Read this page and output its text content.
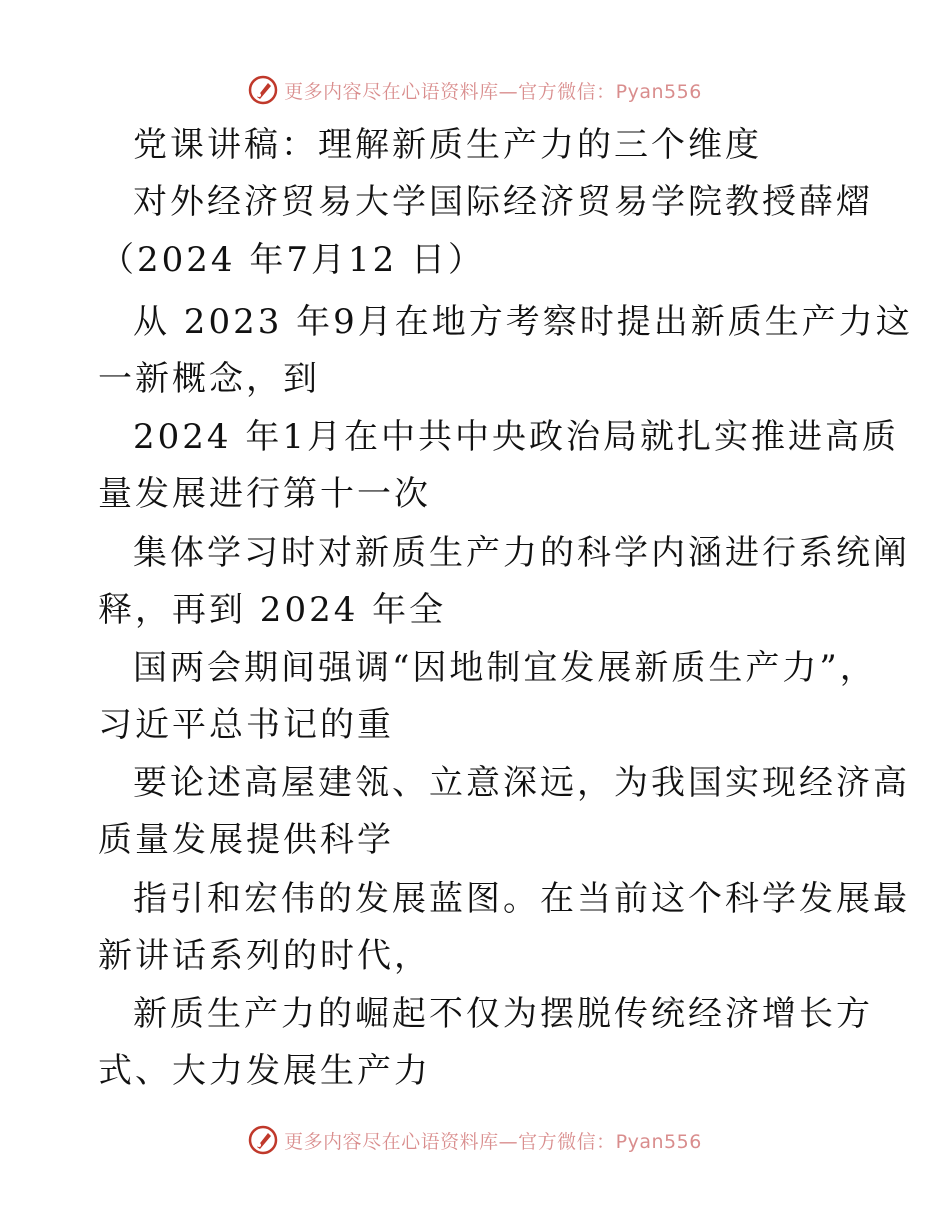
更多内容尽在心语资料库—官方微信：Pyan556
党课讲稿：理解新质生产力的三个维度
对外经济贸易大学国际经济贸易学院教授薛熠
（2024 年7月12 日）
从 2023 年9月在地方考察时提出新质生产力这
一新概念，到
2024 年1月在中共中央政治局就扎实推进高质
量发展进行第十一次
集体学习时对新质生产力的科学内涵进行系统阐
释，再到 2024 年全
国两会期间强调“因地制宜发展新质生产力”，
习近平总书记的重
要论述高屋建瓴、立意深远，为我国实现经济高
质量发展提供科学
指引和宏伟的发展蓝图。在当前这个科学发展最
新讲话系列的时代，
新质生产力的崛起不仅为摆脱传统经济增长方
式、大力发展生产力
更多内容尽在心语资料库—官方微信：Pyan556
